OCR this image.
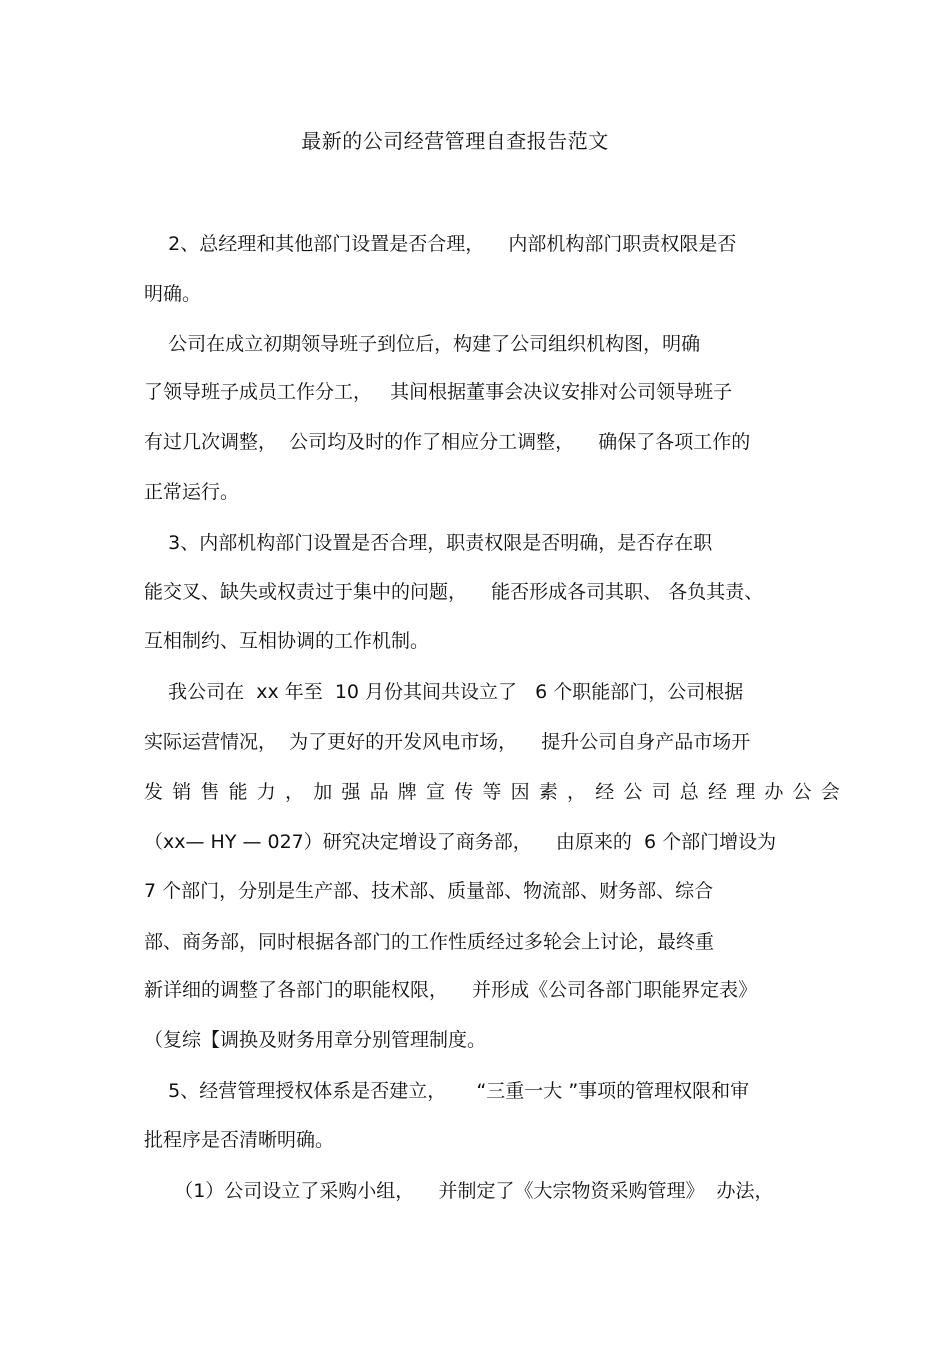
最新的公司经营管理自查报告范文
2、总经理和其他部门设置是否合理，    内部机构部门职责权限是否
明确。
公司在成立初期领导班子到位后，构建了公司组织机构图，明确
了领导班子成员工作分工，   其间根据董事会决议安排对公司领导班子
有过几次调整，  公司均及时的作了相应分工调整，    确保了各项工作的
正常运行。
3、内部机构部门设置是否合理，职责权限是否明确，是否存在职
能交叉、缺失或权责过于集中的问题，    能否形成各司其职、 各负其责、
互相制约、互相协调的工作机制。
我公司在  xx 年至  10 月份其间共设立了   6 个职能部门，公司根据
实际运营情况，  为了更好的开发风电市场，    提升公司自身产品市场开
发销售能力，加强品牌宣传等因素，经公司总经理办公会
（xx— HY — 027）研究决定增设了商务部，    由原来的  6 个部门增设为
7 个部门，分别是生产部、技术部、质量部、物流部、财务部、综合
部、商务部，同时根据各部门的工作性质经过多轮会上讨论，最终重
新详细的调整了各部门的职能权限，    并形成《公司各部门职能界定表》
（复综【调换及财务用章分别管理制度。
5、经营管理授权体系是否建立，     “三重一大 ”事项的管理权限和审
批程序是否清晰明确。
（1）公司设立了采购小组，    并制定了《大宗物资采购管理》  办法，
